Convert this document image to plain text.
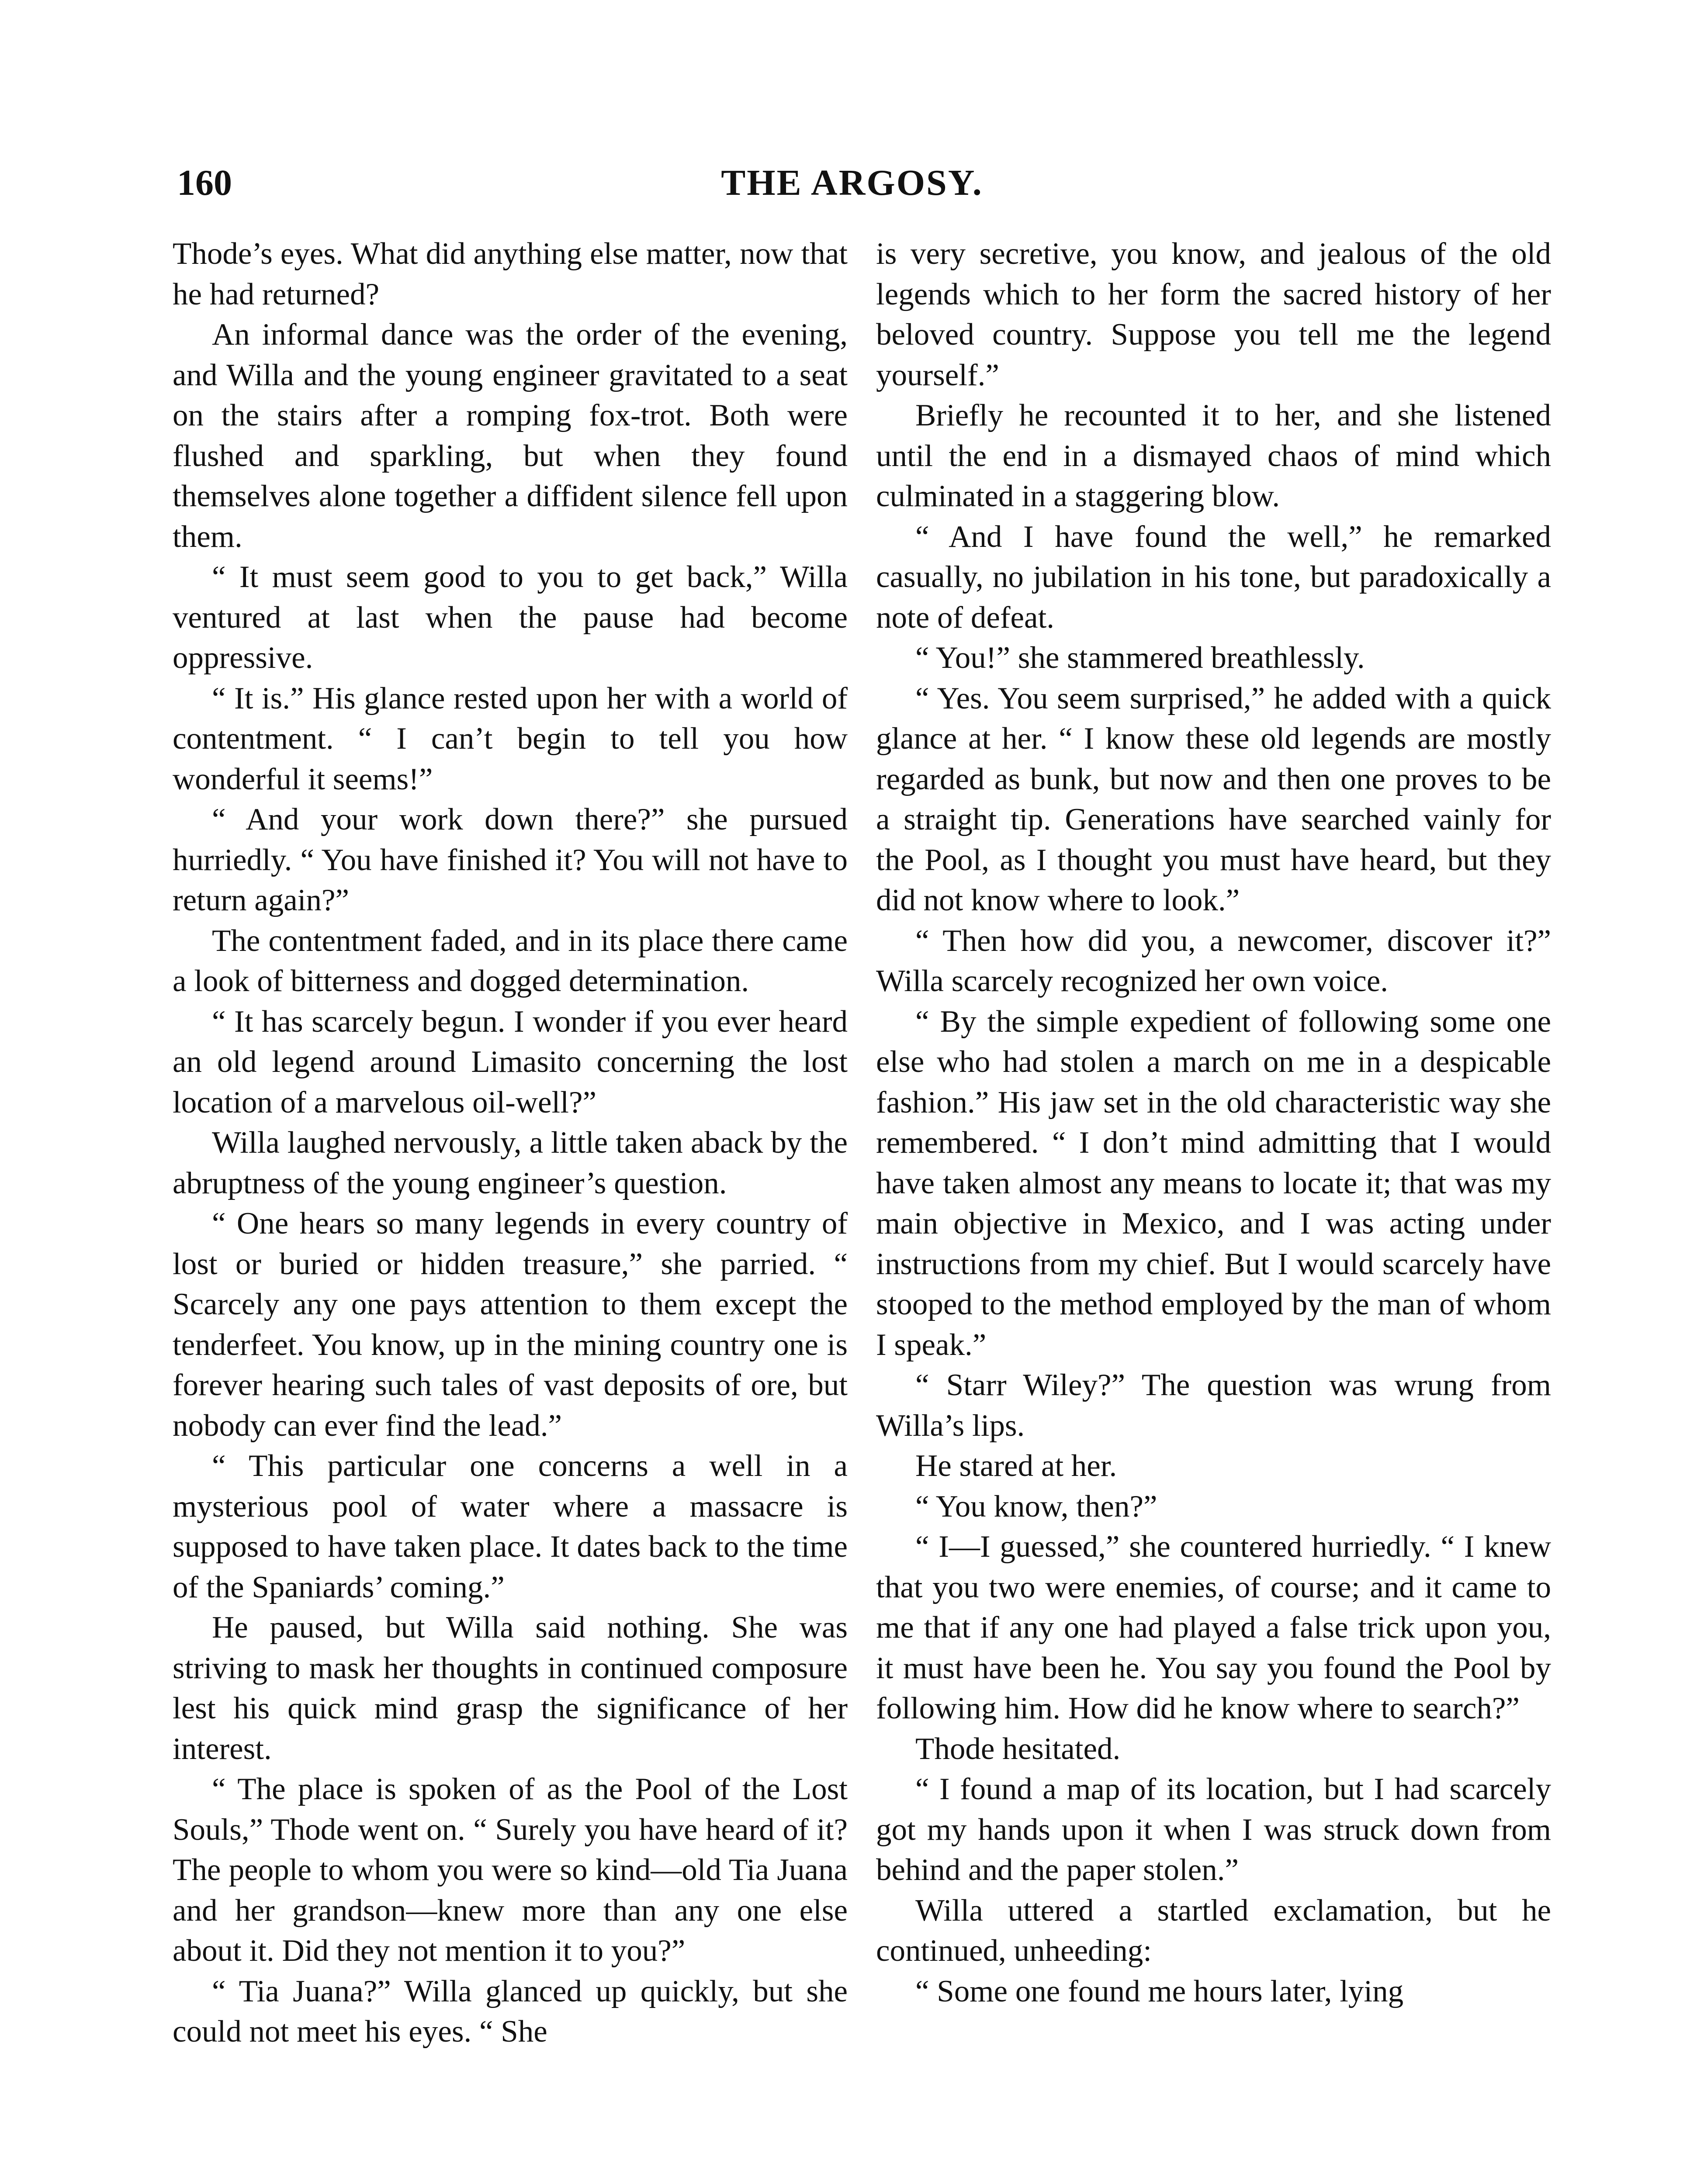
160	THE ARGOSY.

Thode’s eyes. What did anything else matter, now that he had returned?

An informal dance was the order of the evening, and Willa and the young engineer gravitated to a seat on the stairs after a romping fox-trot. Both were flushed and sparkling, but when they found themselves alone together a diffident silence fell upon them.

“ It must seem good to you to get back,” Willa ventured at last when the pause had become oppressive.

“ It is.” His glance rested upon her with a world of contentment. “ I can’t begin to tell you how wonderful it seems!”

“ And your work down there?” she pursued hurriedly. “ You have finished it? You will not have to return again?”

The contentment faded, and in its place there came a look of bitterness and dogged determination.

“ It has scarcely begun. I wonder if you ever heard an old legend around Limasito concerning the lost location of a marvelous oil-well?”

Willa laughed nervously, a little taken aback by the abruptness of the young engineer’s question.

“ One hears so many legends in every country of lost or buried or hidden treasure,” she parried. “ Scarcely any one pays attention to them except the tenderfeet. You know, up in the mining country one is forever hearing such tales of vast deposits of ore, but nobody can ever find the lead.”

“ This particular one concerns a well in a mysterious pool of water where a massacre is supposed to have taken place. It dates back to the time of the Spaniards’ coming.”

He paused, but Willa said nothing. She was striving to mask her thoughts in continued composure lest his quick mind grasp the significance of her interest.

“ The place is spoken of as the Pool of the Lost Souls,” Thode went on. “ Surely you have heard of it? The people to whom you were so kind—old Tia Juana and her grandson—knew more than any one else about it. Did they not mention it to you?”

“ Tia Juana?” Willa glanced up quickly, but she could not meet his eyes. “ She

is very secretive, you know, and jealous of the old legends which to her form the sacred history of her beloved country. Suppose you tell me the legend yourself.”

Briefly he recounted it to her, and she listened until the end in a dismayed chaos of mind which culminated in a staggering blow.

“ And I have found the well,” he remarked casually, no jubilation in his tone, but paradoxically a note of defeat.

“ You!” she stammered breathlessly.

“ Yes. You seem surprised,” he added with a quick glance at her. “ I know these old legends are mostly regarded as bunk, but now and then one proves to be a straight tip. Generations have searched vainly for the Pool, as I thought you must have heard, but they did not know where to look.”

“ Then how did you, a newcomer, discover it?” Willa scarcely recognized her own voice.

“ By the simple expedient of following some one else who had stolen a march on me in a despicable fashion.” His jaw set in the old characteristic way she remembered. “ I don’t mind admitting that I would have taken almost any means to locate it; that was my main objective in Mexico, and I was acting under instructions from my chief. But I would scarcely have stooped to the method employed by the man of whom I speak.”

“ Starr Wiley?” The question was wrung from Willa’s lips.

He stared at her.

“ You know, then?”

“ I—I guessed,” she countered hurriedly. “ I knew that you two were enemies, of course; and it came to me that if any one had played a false trick upon you, it must have been he. You say you found the Pool by following him. How did he know where to search?”

Thode hesitated.

“ I found a map of its location, but I had scarcely got my hands upon it when I was struck down from behind and the paper stolen.”

Willa uttered a startled exclamation, but he continued, unheeding:

“ Some one found me hours later, lying
